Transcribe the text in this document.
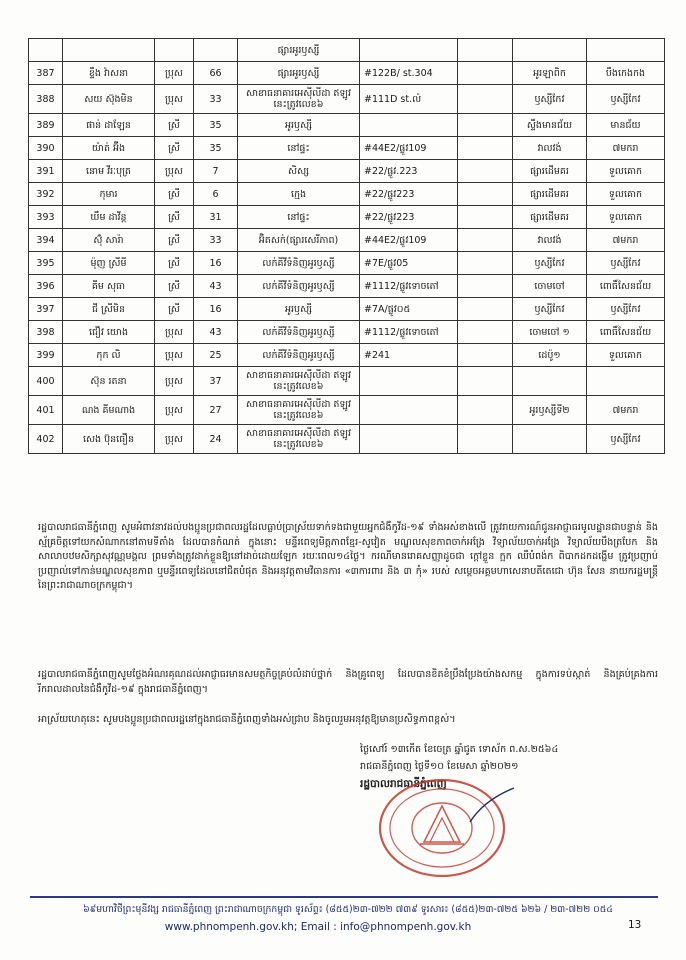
				ផ្សារអូរឫស្សី				
387	ខ្ទឹង វ៉ាសនា	ប្រុស	66	ផ្សារអូរឫស្សី	#122B/ st.304		អូរឡាពិក	បឹងកេងកង
388	សយ ស៊ុងមិន	ប្រុស	33	សាខាធនាគារអេស៊ីលីដា ឥឡូវនេះត្រូវលេខ៦	#111D st.ល៉		ឫស្សីកែវ	ឫស្សីកែវ
389	ផាន់ ដាឡែន	ស្រី	35	អូរឫស្សី			ស្ទឹងមានជ័យ	មានជ័យ
390	យ៉ាត់ អ៊ីង	ស្រី	35	នៅផ្ទះ	#44E2/ផ្លូវ109		វាលវង់	៧មករា
391	នោម វីរៈបុត្រ	ប្រុស	7	សិស្ស	#22/ផ្លូវ.223		ផ្សារដើមគរ	ទួលគោក
392	កុមារ	ស្រី	6	ក្មេង	#22/ផ្លូវ223		ផ្សារដើមគរ	ទួលគោក
393	ឃឹម ដាវីន្ត	ស្រី	31	នៅផ្ទះ	#22/ផ្លូវ223		ផ្សារដើមគរ	ទួលគោក
394	ស៊ុំ សារ៉ា	ស្រី	33	អ៊ិតសក់(ផ្សារសេរីភាព)	#44E2/ផ្លូវ109		វាលវង់	៧មករា
395	ម៉ុញ ស្រីមី	ស្រី	16	លក់គីវីទំនិញអូរឫស្សី	#7E/ផ្លូវ05		ឫស្សីកែវ	ឫស្សីកែវ
396	គីម សុធា	ស្រី	43	លក់គីវីទំនិញអូរឫស្សី	#1112/ផ្លូវទោចតៅ		ចោមចៅ	ពោធិ៍សែនជ័យ
397	ជី ស្រីមិន	ស្រី	16	អូរឫស្សី	#7A/ផ្លូវ០៥		ឫស្សីកែវ	ឫស្សីកែវ
398	ជឿវ យោង	ប្រុស	43	លក់គីវីទំនិញអូរឫស្សី	#1112/ផ្លូវទោចតៅ		ចោមចៅ ១	ពោធិ៍សែនជ័យ
399	កុក លិ	ប្រុស	25	លក់គីវីទំនិញអូរឫស្សី	#241		ដេប៉ូ១	ទួលគោក
400	ស៊ុន រតនា	ប្រុស	37	សាខាធនាគារអេស៊ីលីដា ឥឡូវនេះត្រូវលេខ៦				
401	ណង គីមណាង	ប្រុស	27	សាខាធនាគារអេស៊ីលីដា ឥឡូវនេះត្រូវលេខ៦			អូរឫស្សីទី២	៧មករា
402	សេង ប៊ុនធឿន	ប្រុស	24	សាខាធនាគារអេស៊ីលីដា ឥឡូវនេះត្រូវលេខ៦				ឫស្សីកែវ
រដ្ឋបាលរាជធានីភ្នំពេញ សូមអំពាវនាវដល់បងប្អូនប្រជាពលរដ្ឋដែលធ្លាប់ប្រាស្រ័យទាក់ទងជាមួយអ្នកជំងឺកូវីដ-១៩ ទាំងអស់ខាងលើ ត្រូវរាយការណ៍ជូនអាជ្ញាធរមូលដ្ឋានជាបន្ទាន់ និងស្ម័គ្រចិត្តទៅយកសំណាកនៅតាមទីតាំង ដែលបានកំណត់ ក្នុងនោះ មន្ទីរពេទ្យមិត្តភាពខ្មែរ-សូវៀត មណ្ឌលសុខភាពចាក់អង្រែ វិទ្យាល័យចាក់អង្រែ វិទ្យាល័យបឹងត្របែក និងសាលាបឋមសិក្សាសុវណ្ណមង្គល ព្រមទាំងត្រូវដាក់ខ្លួនឱ្យនៅដាច់ដោយឡែក រយៈពេល១៤ថ្ងៃ។ ករណីមានរោគសញ្ញាដូចជា ក្តៅខ្លួន ក្អក ឈឺបំពង់ក ពិបាកដកដង្ហើម ត្រូវប្រញាប់ប្រញាល់ទៅកាន់មណ្ឌលសុខភាព ឬមន្ទីរពេទ្យដែលនៅជិតបំផុត និងអនុវត្តតាមវិធានការ «៣ការពារ និង ៣ កុំ» របស់ សម្តេចអគ្គមហាសេនាបតីតេជោ ហ៊ុន សែន នាយករដ្ឋមន្ត្រី នៃព្រះរាជាណាចក្រកម្ពុជា។
រដ្ឋបាលរាជធានីភ្នំពេញសូមថ្លែងអំណរគុណដល់អាជ្ញាធរមានសមត្ថកិច្ចគ្រប់លំដាប់ថ្នាក់ និងគ្រូពេទ្យ ដែលបានខិតខំប្រឹងប្រែងយ៉ាងសកម្ម ក្នុងការទប់ស្កាត់ និងគ្រប់គ្រងការរីករាលដាលនៃជំងឺកូវីដ-១៩ ក្នុងរាជធានីភ្នំពេញ។
អាស្រ័យហេតុនេះ សូមបងប្អូនប្រជាពលរដ្ឋនៅក្នុងរាជធានីភ្នំពេញទាំងអស់ជ្រាប និងចូលរួមអនុវត្តឱ្យមានប្រសិទ្ធភាពខ្ពស់។
ថ្ងៃសៅរ៍ ១៣កើត ខែចេត្រ ឆ្នាំជូត ទោស័ក ព.ស.២៥៦៤
រាជធានីភ្នំពេញ ថ្ងៃទី១០ ខែមេសា ឆ្នាំ២០២១
រដ្ឋបាលរាជធានីភ្នំពេញ
៦៩មហាវិថីព្រះមុនីវង្ស រាជធានីភ្នំពេញ ព្រះរាជាណាចក្រកម្ពុជា ទូរស័ព្ទ៖ (៨៥៥)២៣-៧២២ ៧៣៩ ទូរសារ៖ (៨៥៥)២៣-៧២៥ ៦២៦ / ២៣-៧២២ ០៥៤
www.phnompenh.gov.kh; Email : info@phnompenh.gov.kh	13
